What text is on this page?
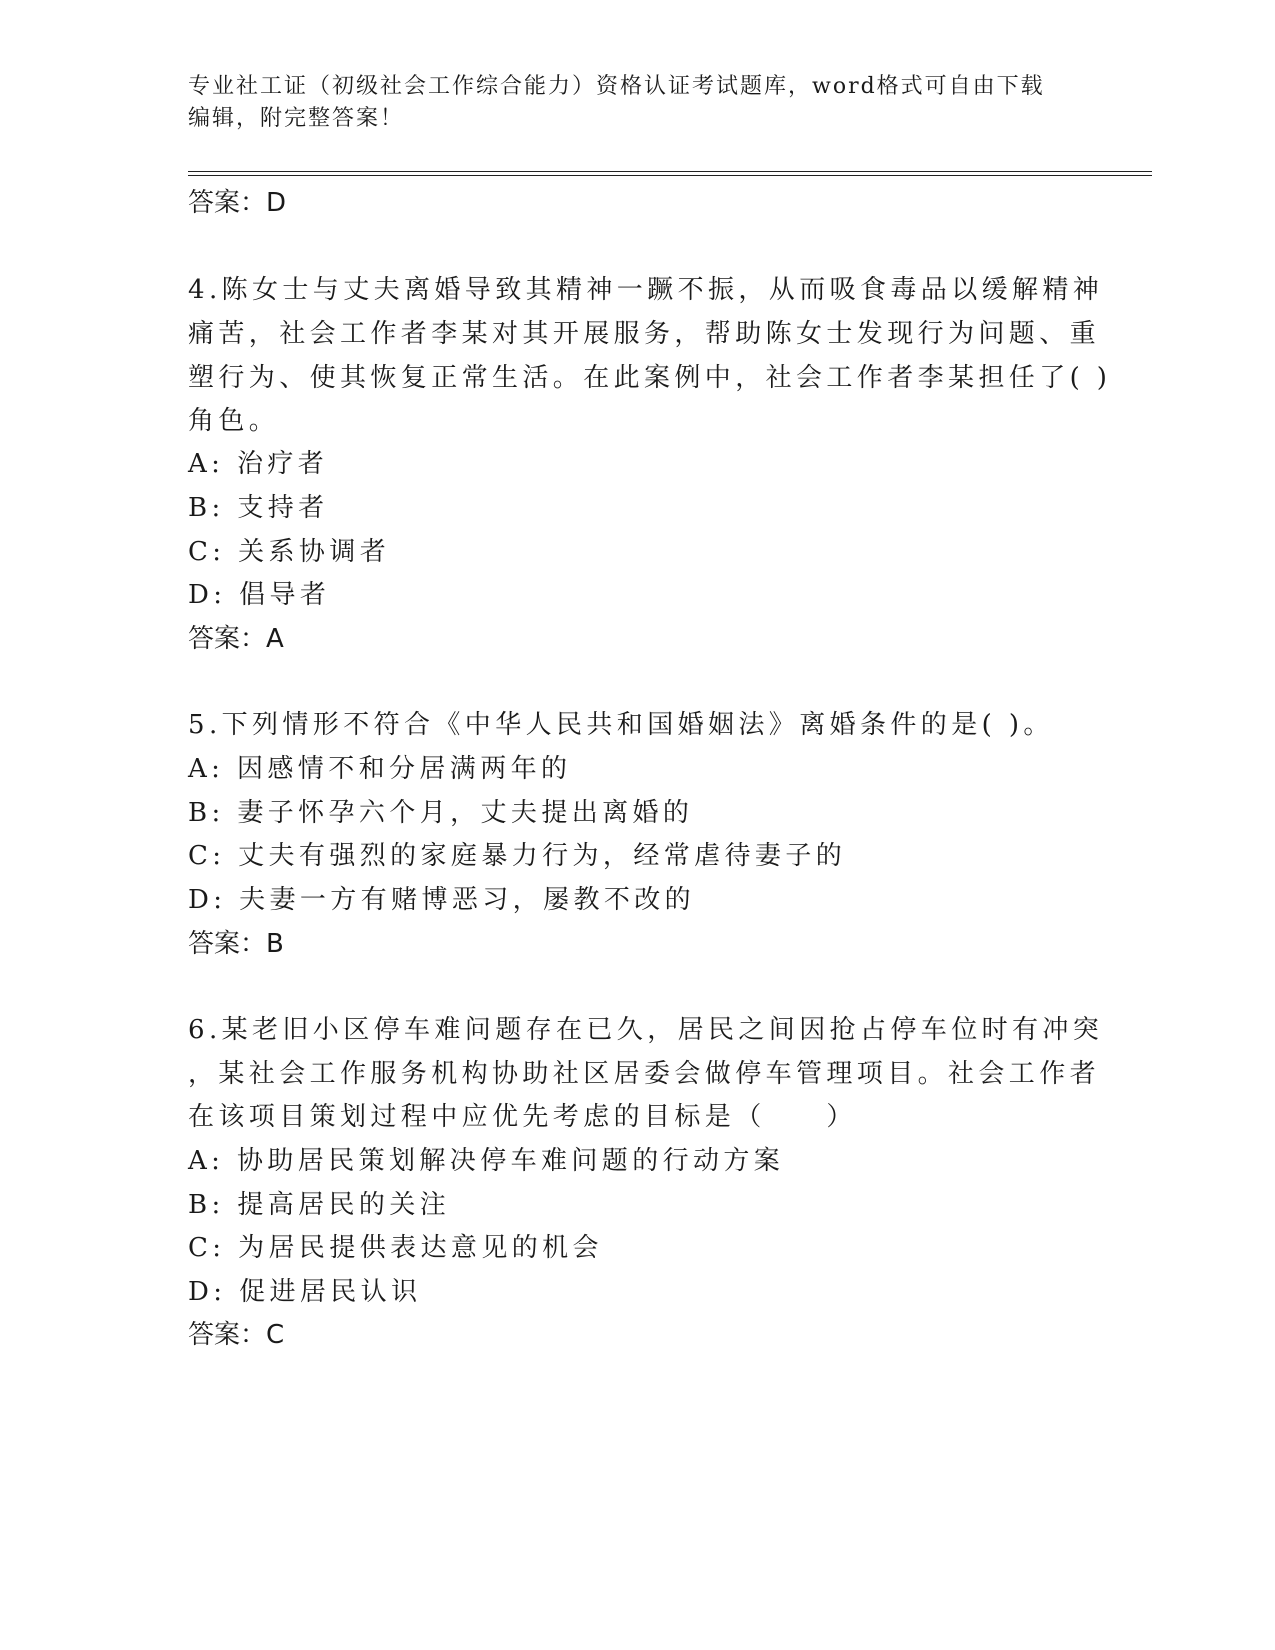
专业社工证（初级社会工作综合能力）资格认证考试题库，word格式可自由下载
编辑，附完整答案！
答案：D
4.陈女士与丈夫离婚导致其精神一蹶不振，从而吸食毒品以缓解精神
痛苦，社会工作者李某对其开展服务，帮助陈女士发现行为问题、重
塑行为、使其恢复正常生活。在此案例中，社会工作者李某担任了( )
角色。
A: 治疗者
B: 支持者
C: 关系协调者
D: 倡导者
答案：A
5.下列情形不符合《中华人民共和国婚姻法》离婚条件的是( )。
A: 因感情不和分居满两年的
B: 妻子怀孕六个月，丈夫提出离婚的
C: 丈夫有强烈的家庭暴力行为，经常虐待妻子的
D: 夫妻一方有赌博恶习，屡教不改的
答案：B
6.某老旧小区停车难问题存在已久，居民之间因抢占停车位时有冲突
，某社会工作服务机构协助社区居委会做停车管理项目。社会工作者
在该项目策划过程中应优先考虑的目标是（　　）
A: 协助居民策划解决停车难问题的行动方案
B: 提高居民的关注
C: 为居民提供表达意见的机会
D: 促进居民认识
答案：C
